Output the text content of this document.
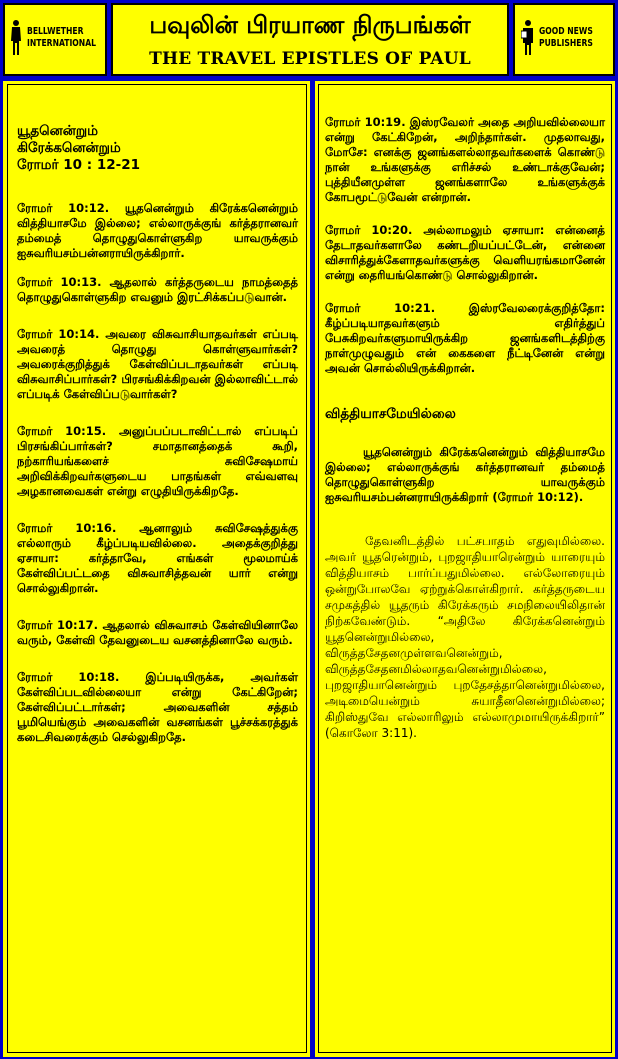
BELLWETHER
INTERNATIONAL
பவுலின் பிரயாண நிருபங்கள்
THE TRAVEL EPISTLES OF PAUL
GOOD NEWS
PUBLISHERS
யூதனென்றும்
கிரேக்கனென்றும்
ரோமர் 10 : 12-21

ரோமர் 10:12. யூதனென்றும் கிரேக்கனென்றும் வித்தியாசமே இல்லை; எல்லாருக்குங் கர்த்தரானவர் தம்மைத் தொழுதுகொள்ளுகிற யாவருக்கும் ஐசுவரியசம்பன்னராயிருக்கிறார்.

ரோமர் 10:13. ஆதலால் கர்த்தருடைய நாமத்தைத் தொழுதுகொள்ளுகிற எவனும் இரட்சிக்கப்படுவான்.

ரோமர் 10:14. அவரை விசுவாசியாதவர்கள் எப்படி அவரைத் தொழுது கொள்ளுவார்கள்? அவரைக்குறித்துக் கேள்விப்படாதவர்கள் எப்படி விசுவாசிப்பார்கள்? பிரசங்கிக்கிறவன் இல்லாவிட்டால் எப்படிக் கேள்விப்படுவார்கள்?

ரோமர் 10:15. அனுப்பப்படாவிட்டால் எப்படிப் பிரசங்கிப்பார்கள்? சமாதானத்தைக் கூறி, நற்காரியங்களைச் சுவிசேஷமாய் அறிவிக்கிறவர்களுடைய பாதங்கள் எவ்வளவு அழகானவைகள் என்று எழுதியிருக்கிறதே.

ரோமர் 10:16. ஆனாலும் சுவிசேஷத்துக்கு எல்லாரும் கீழ்ப்படியவில்லை. அதைக்குறித்து ஏசாயா: கர்த்தாவே, எங்கள் மூலமாய்க் கேள்விப்பட்டதை விசுவாசித்தவன் யார் என்று சொல்லுகிறான்.

ரோமர் 10:17. ஆதலால் விசுவாசம் கேள்வியினாலே வரும், கேள்வி தேவனுடைய வசனத்தினாலே வரும்.

ரோமர் 10:18. இப்படியிருக்க, அவர்கள் கேள்விப்படவில்லையா என்று கேட்கிறேன்; கேள்விப்பட்டார்கள்; அவைகளின் சத்தம் பூமியெங்கும் அவைகளின் வசனங்கள் பூச்சக்கரத்துக் கடைசிவரைக்கும் செல்லுகிறதே.

ரோமர் 10:19. இஸ்ரவேலர் அதை அறியவில்லையா என்று கேட்கிறேன், அறிந்தார்கள். முதலாவது, மோசே: எனக்கு ஜனங்களல்லாதவர்களைக் கொண்டு நான் உங்களுக்கு எரிச்சல் உண்டாக்குவேன்; புத்தியீனமுள்ள ஜனங்களாலே உங்களுக்குக் கோபமூட்டுவேன் என்றான்.

ரோமர் 10:20. அல்லாமலும் ஏசாயா: என்னைத் தேடாதவர்களாலே கண்டறியப்பட்டேன், என்னை விசாரித்துக்கேளாதவர்களுக்கு வெளியரங்கமானேன் என்று தைரியங்கொண்டு சொல்லுகிறான்.

ரோமர் 10:21. இஸ்ரவேலரைக்குறித்தோ: கீழ்ப்படியாதவர்களும் எதிர்த்துப் பேசுகிறவர்களுமாயிருக்கிற ஜனங்களிடத்திற்கு நாள்முழுவதும் என் கைகளை நீட்டினேன் என்று அவன் சொல்லியிருக்கிறான்.

வித்தியாசமேயில்லை

யூதனென்றும் கிரேக்கனென்றும் வித்தியாசமே இல்லை; எல்லாருக்குங் கர்த்தரானவர் தம்மைத் தொழுதுகொள்ளுகிற யாவருக்கும் ஐசுவரியசம்பன்னராயிருக்கிறார் (ரோமர் 10:12).

தேவனிடத்தில் பட்சபாதம் எதுவுமில்லை. அவர் யூதரென்றும், புறஜாதியாரென்றும் யாரையும் வித்தியாசம் பார்ப்பதுமில்லை. எல்லோரையும் ஒன்றுபோலவே ஏற்றுக்கொள்கிறார். கர்த்தருடைய சமுகத்தில் யூதரும் கிரேக்கரும் சமநிலையிலிதான் நிற்கவேண்டும். “அதிலே கிரேக்கனென்றும் யூதனென்றுமில்லை, விருத்தசேதனமுள்ளவனென்றும், விருத்தசேதனமில்லாதவனென்றுமில்லை, புறஜாதியானென்றும் புறதேசத்தானென்றுமில்லை, அடிமையென்றும் சுயாதீனனென்றுமில்லை; கிறிஸ்துவே எல்லாரிலும் எல்லாமுமாயிருக்கிறார்” (கொலோ 3:11).
